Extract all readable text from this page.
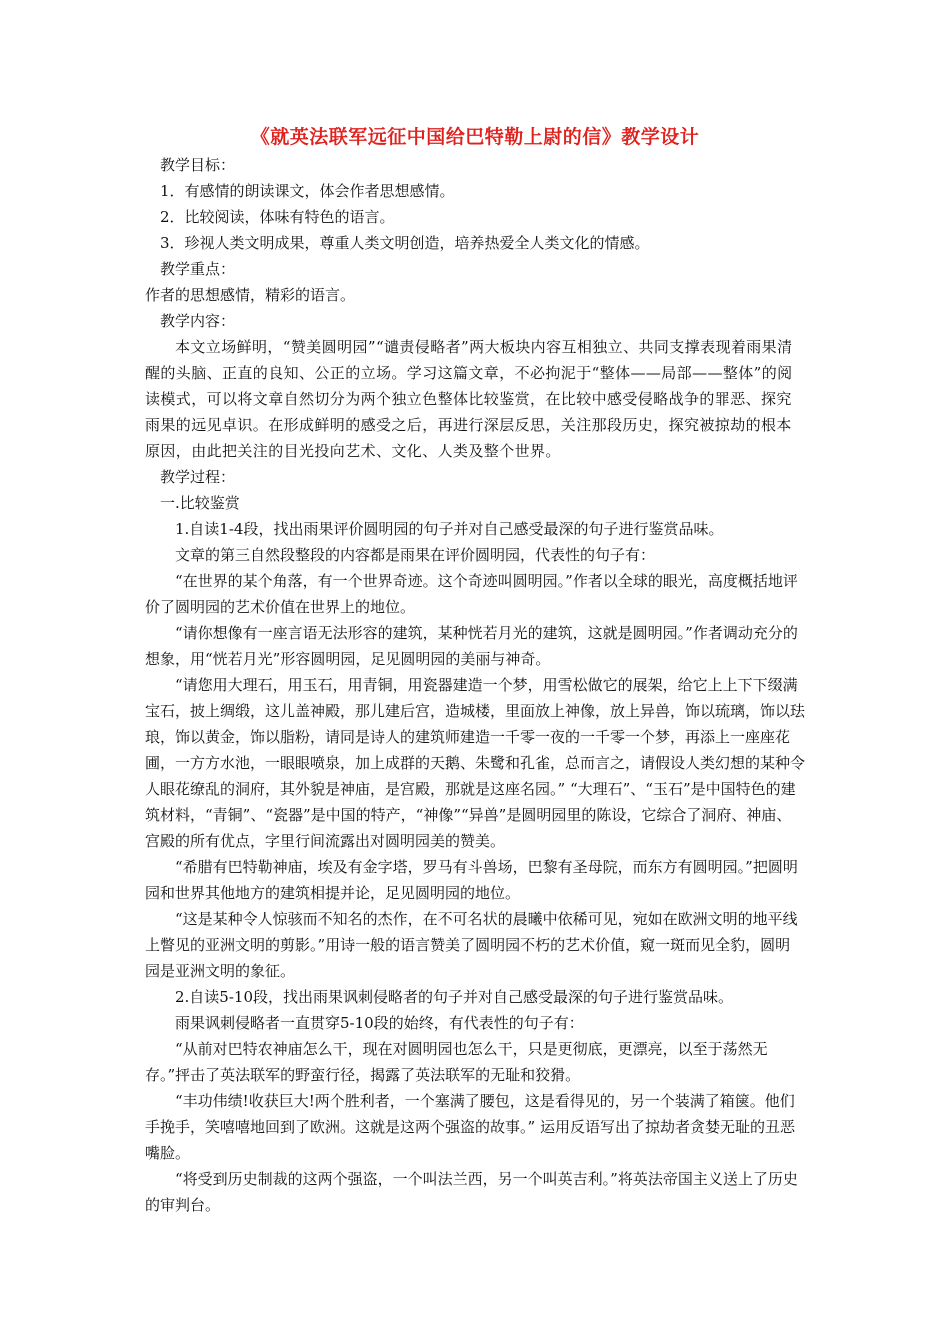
《就英法联军远征中国给巴特勒上尉的信》教学设计

教学目标：

1．有感情的朗读课文，体会作者思想感情。

2．比较阅读，体味有特色的语言。

3．珍视人类文明成果，尊重人类文明创造，培养热爱全人类文化的情感。

教学重点：

作者的思想感情，精彩的语言。

教学内容：

本文立场鲜明，“赞美圆明园”“谴责侵略者”两大板块内容互相独立、共同支撑表现着雨果清醒的头脑、正直的良知、公正的立场。学习这篇文章，不必拘泥于“整体——局部——整体”的阅读模式，可以将文章自然切分为两个独立色整体比较鉴赏，在比较中感受侵略战争的罪恶、探究雨果的远见卓识。在形成鲜明的感受之后，再进行深层反思，关注那段历史，探究被掠劫的根本原因，由此把关注的目光投向艺术、文化、人类及整个世界。

教学过程：

一.比较鉴赏

1.自读1-4段，找出雨果评价圆明园的句子并对自己感受最深的句子进行鉴赏品味。

文章的第三自然段整段的内容都是雨果在评价圆明园，代表性的句子有：

“在世界的某个角落，有一个世界奇迹。这个奇迹叫圆明园。”作者以全球的眼光，高度概括地评价了圆明园的艺术价值在世界上的地位。

“请你想像有一座言语无法形容的建筑，某种恍若月光的建筑，这就是圆明园。”作者调动充分的想象，用“恍若月光”形容圆明园，足见圆明园的美丽与神奇。

“请您用大理石，用玉石，用青铜，用瓷器建造一个梦，用雪松做它的展架，给它上上下下缀满宝石，披上绸缎，这儿盖神殿，那儿建后宫，造城楼，里面放上神像，放上异兽，饰以琉璃，饰以珐琅，饰以黄金，饰以脂粉，请同是诗人的建筑师建造一千零一夜的一千零一个梦，再添上一座座花圃，一方方水池，一眼眼喷泉，加上成群的天鹅、朱鹭和孔雀，总而言之，请假设人类幻想的某种令人眼花缭乱的洞府，其外貌是神庙，是宫殿，那就是这座名园。” “大理石”、“玉石”是中国特色的建筑材料，“青铜”、“瓷器”是中国的特产，“神像”“异兽”是圆明园里的陈设，它综合了洞府、神庙、宫殿的所有优点，字里行间流露出对圆明园美的赞美。

“希腊有巴特勒神庙，埃及有金字塔，罗马有斗兽场，巴黎有圣母院，而东方有圆明园。”把圆明园和世界其他地方的建筑相提并论，足见圆明园的地位。

“这是某种令人惊骇而不知名的杰作，在不可名状的晨曦中依稀可见，宛如在欧洲文明的地平线上瞥见的亚洲文明的剪影。”用诗一般的语言赞美了圆明园不朽的艺术价值，窥一斑而见全豹，圆明园是亚洲文明的象征。

2.自读5-10段，找出雨果讽刺侵略者的句子并对自己感受最深的句子进行鉴赏品味。

雨果讽刺侵略者一直贯穿5-10段的始终，有代表性的句子有：

“从前对巴特农神庙怎么干，现在对圆明园也怎么干，只是更彻底，更漂亮，以至于荡然无存。”抨击了英法联军的野蛮行径，揭露了英法联军的无耻和狡猾。

“丰功伟绩!收获巨大!两个胜利者，一个塞满了腰包，这是看得见的，另一个装满了箱箧。他们手挽手，笑嘻嘻地回到了欧洲。这就是这两个强盗的故事。” 运用反语写出了掠劫者贪婪无耻的丑恶嘴脸。

“将受到历史制裁的这两个强盗，一个叫法兰西，另一个叫英吉利。”将英法帝国主义送上了历史的审判台。
